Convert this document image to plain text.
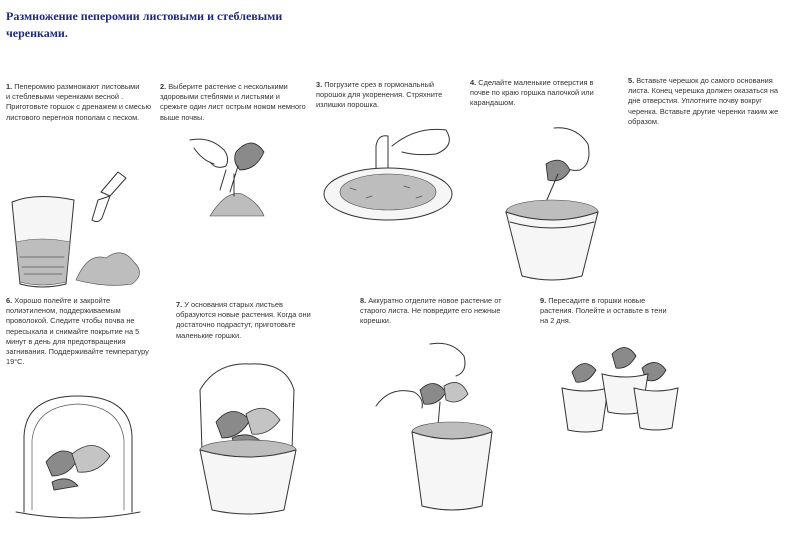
Размножение пеперомии листовыми и стеблевыми черенками.
1. Пеперомию размножают листовыми
и стеблевыми черенками весной . Приготовьте горшок с дренажем и смесью листового перегноя пополам с песком.
2. Выберите растение с несколькими здоровыми стеблями и листьями и срежьте один лист острым ножом немного выше почвы.
3. Погрузите срез в гормональный порошок для укоренения. Стряхните излишки порошка.
4. Сделайте маленькие отверстия в почве по краю горшка палочкой или карандашом.
5. Вставьте черешок до самого основания листа. Конец черешка должен оказаться на дне отверстия. Уплотните почву вокруг черенка. Вставьте другие черенки таким же образом.
6. Хорошо полейте и закройте полиэтиленом, поддерживаемым проволокой. Следите чтобы почва не пересыхала и снимайте покрытие на 5 минут в день для предотвращения загнивания. Поддерживайте температуру 19°С.
7. У основания старых листьев образуются новые растения. Когда они достаточно подрастут, приготовьте маленькие горшки.
8. Аккуратно отделите новое растение от старого листа. Не повредите его нежные корешки.
9. Пересадите в горшки новые растения. Полейте и оставьте в тени на 2 дня.
